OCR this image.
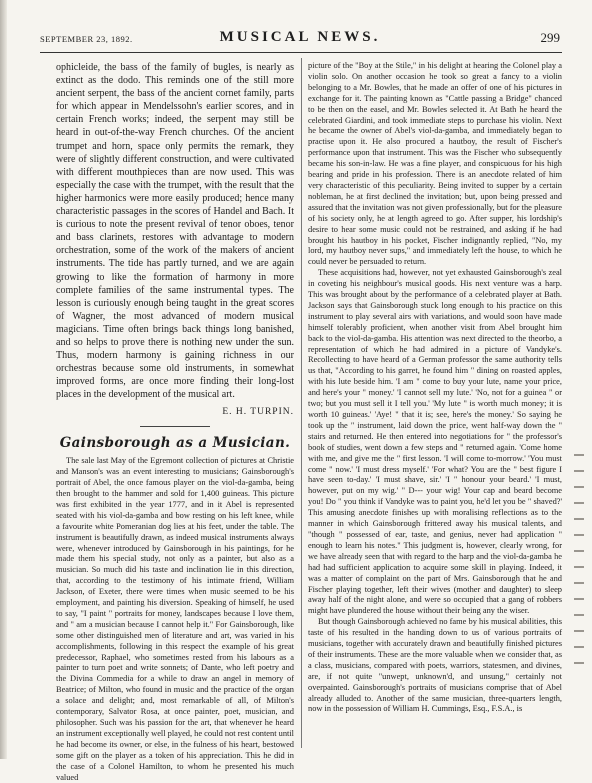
SEPTEMBER 23, 1892.	MUSICAL NEWS.	299

ophicleide, the bass of the family of bugles, is nearly as extinct as the dodo. This reminds one of the still more ancient serpent, the bass of the ancient cornet family, parts for which appear in Mendelssohn's earlier scores, and in certain French works; indeed, the serpent may still be heard in out-of-the-way French churches. Of the ancient trumpet and horn, space only permits the remark, they were of slightly different construction, and were cultivated with different mouthpieces than are now used. This was especially the case with the trumpet, with the result that the higher harmonics were more easily produced; hence many characteristic passages in the scores of Handel and Bach. It is curious to note the present revival of tenor oboes, tenor and bass clarinets, restores with advantage to modern orchestration, some of the work of the makers of ancient instruments. The tide has partly turned, and we are again growing to like the formation of harmony in more complete families of the same instrumental types. The lesson is curiously enough being taught in the great scores of Wagner, the most advanced of modern musical magicians. Time often brings back things long banished, and so helps to prove there is nothing new under the sun. Thus, modern harmony is gaining richness in our orchestras because some old instruments, in somewhat improved forms, are once more finding their long-lost places in the development of the musical art.

E. H. TURPIN.

Gainsborough as a Musician.

The sale last May of the Egremont collection of pictures at Christie and Manson's was an event interesting to musicians; Gainsborough's portrait of Abel, the once famous player on the viol-da-gamba, being then brought to the hammer and sold for 1,400 guineas. This picture was first exhibited in the year 1777, and in it Abel is represented seated with his viol-da-gamba and bow resting on his left knee, while a favourite white Pomeranian dog lies at his feet, under the table. The instrument is beautifully drawn, as indeed musical instruments always were, whenever introduced by Gainsborough in his paintings, for he made them his special study, not only as a painter, but also as a musician. So much did his taste and inclination lie in this direction, that, according to the testimony of his intimate friend, William Jackson, of Exeter, there were times when music seemed to be his employment, and painting his diversion. Speaking of himself, he used to say, "I paint " portraits for money, landscapes because I love them, and " am a musician because I cannot help it." For Gainsborough, like some other distinguished men of literature and art, was varied in his accomplishments, following in this respect the example of his great predecessor, Raphael, who sometimes rested from his labours as a painter to turn poet and write sonnets; of Dante, who left poetry and the Divina Commedia for a while to draw an angel in memory of Beatrice; of Milton, who found in music and the practice of the organ a solace and delight; and, most remarkable of all, of Milton's contemporary, Salvator Rosa, at once painter, poet, musician, and philosopher. Such was his passion for the art, that whenever he heard an instrument exceptionally well played, he could not rest content until he had become its owner, or else, in the fulness of his heart, bestowed some gift on the player as a token of his appreciation. This he did in the case of a Colonel Hamilton, to whom he presented his much valued

picture of the "Boy at the Stile," in his delight at hearing the Colonel play a violin solo. On another occasion he took so great a fancy to a violin belonging to a Mr. Bowles, that he made an offer of one of his pictures in exchange for it. The painting known as "Cattle passing a Bridge" chanced to be then on the easel, and Mr. Bowles selected it. At Bath he heard the celebrated Giardini, and took immediate steps to purchase his violin. Next he became the owner of Abel's viol-da-gamba, and immediately began to practise upon it. He also procured a hautboy, the result of Fischer's performance upon that instrument. This was the Fischer who subsequently became his son-in-law. He was a fine player, and conspicuous for his high bearing and pride in his profession. There is an anecdote related of him very characteristic of this peculiarity. Being invited to supper by a certain nobleman, he at first declined the invitation; but, upon being pressed and assured that the invitation was not given professionally, but for the pleasure of his society only, he at length agreed to go. After supper, his lordship's desire to hear some music could not be restrained, and asking if he had brought his hautboy in his pocket, Fischer indignantly replied, "No, my lord, my hautboy never sups," and immediately left the house, to which he could never be persuaded to return.

These acquisitions had, however, not yet exhausted Gainsborough's zeal in coveting his neighbour's musical goods. His next venture was a harp. This was brought about by the performance of a celebrated player at Bath. Jackson says that Gainsborough stuck long enough to his practice on this instrument to play several airs with variations, and would soon have made himself tolerably proficient, when another visit from Abel brought him back to the viol-da-gamba. His attention was next directed to the theorbo, a representation of which he had admired in a picture of Vandyke's. Recollecting to have heard of a German professor the same authority tells us that, "According to his garret, he found him " dining on roasted apples, with his lute beside him. 'I am " come to buy your lute, name your price, and here's your " money.' 'I cannot sell my lute.' 'No, not for a guinea " or two; but you must sell it I tell you.' 'My lute " is worth much money; it is worth 10 guineas.' 'Aye! " that it is; see, here's the money.' So saying he took up the " instrument, laid down the price, went half-way down the " stairs and returned. He then entered into negotiations for " the professor's book of studies, went down a few steps and " returned again. 'Come home with me, and give me the " first lesson. 'I will come to-morrow.' 'You must come " now.' 'I must dress myself.' 'For what? You are the " best figure I have seen to-day.' 'I must shave, sir.' 'I " honour your beard.' 'I must, however, put on my wig.' " D--- your wig! Your cap and beard become you! Do " you think if Vandyke was to paint you, he'd let you be " shaved?' This amusing anecdote finishes up with moralising reflections as to the manner in which Gainsborough frittered away his musical talents, and "though " possessed of ear, taste, and genius, never had application " enough to learn his notes." This judgment is, however, clearly wrong, for we have already seen that with regard to the harp and the viol-da-gamba he had had sufficient application to acquire some skill in playing. Indeed, it was a matter of complaint on the part of Mrs. Gainsborough that he and Fischer playing together, left their wives (mother and daughter) to sleep away half of the night alone, and were so occupied that a gang of robbers might have plundered the house without their being any the wiser.

But though Gainsborough achieved no fame by his musical abilities, this taste of his resulted in the handing down to us of various portraits of musicians, together with accurately drawn and beautifully finished pictures of their instruments. These are the more valuable when we consider that, as a class, musicians, compared with poets, warriors, statesmen, and divines, are, if not quite "unwept, unknown'd, and unsung," certainly not overpainted. Gainsborough's portraits of musicians comprise that of Abel already alluded to. Another of the same musician, three-quarters length, now in the possession of William H. Cummings, Esq., F.S.A., is
